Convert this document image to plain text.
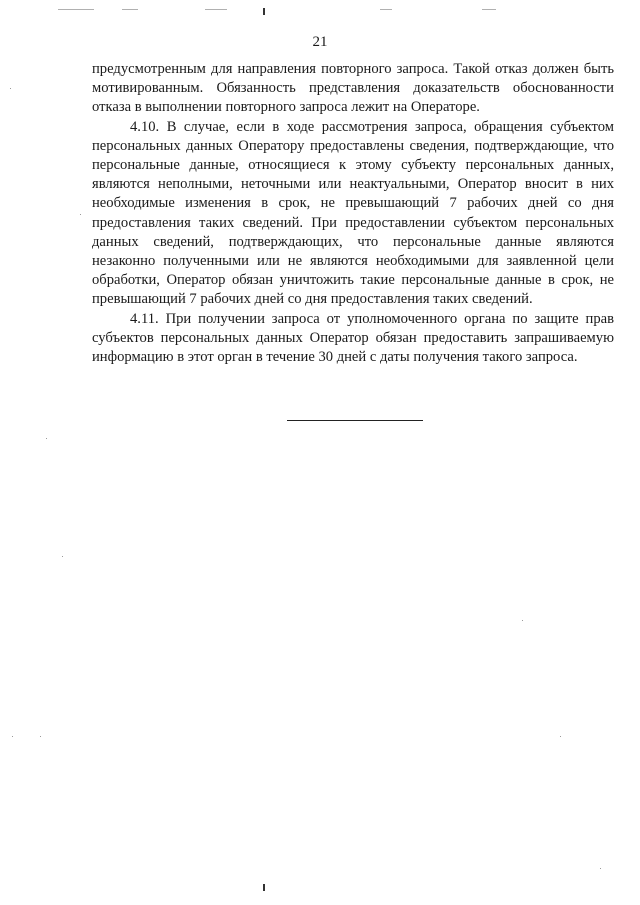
21

предусмотренным для направления повторного запроса. Такой отказ должен быть мотивированным. Обязанность представления доказательств обоснованности отказа в выполнении повторного запроса лежит на Операторе.

4.10. В случае, если в ходе рассмотрения запроса, обращения субъектом персональных данных Оператору предоставлены сведения, подтверждающие, что персональные данные, относящиеся к этому субъекту персональных данных, являются неполными, неточными или неактуальными, Оператор вносит в них необходимые изменения в срок, не превышающий 7 рабочих дней со дня предоставления таких сведений. При предоставлении субъектом персональных данных сведений, подтверждающих, что персональные данные являются незаконно полученными или не являются необходимыми для заявленной цели обработки, Оператор обязан уничтожить такие персональные данные в срок, не превышающий 7 рабочих дней со дня предоставления таких сведений.

4.11. При получении запроса от уполномоченного органа по защите прав субъектов персональных данных Оператор обязан предоставить запрашиваемую информацию в этот орган в течение 30 дней с даты получения такого запроса.
